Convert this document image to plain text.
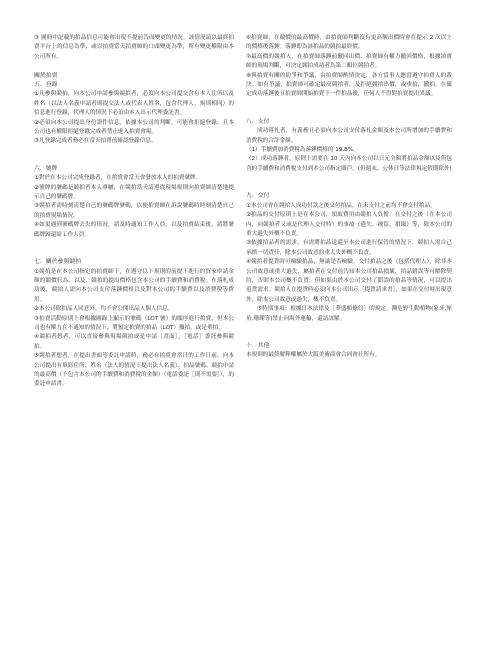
③ 圖冊中記載的拍品信息可能會出現不提前告而變更的情況。該情況請以最終拍賣平台上的信息為準，或以拍賣當天拍賣師的口頭變更為準，所有變更權限由本公司所有。

關於拍賣

五．登錄

①凡參與競拍，向本公司申請參與競拍者，必須向本公司提交含有本人住所以及姓名（以法人名義申請者則提交法人或代表人姓名，包含代理人，規則相同）的信息進行登錄，代理人的情況下必須由本人出示代理委託書。

②必須向本公司提出身份證件信息，依據本公司的判斷，可能會拒絕登錄，且本公司也有權限拒絕登錄完成者禁止進入拍賣會場。

③凡登錄完成者務必在當天拍賣前確認登錄信息。

六．號牌

①對於在本公司完成登錄者，在拍賣會當天會發放本人的拍賣號牌。

②號牌的號碼是競拍者本人專屬，在競拍當天請遵從現場規則向拍賣師清楚地提示自己的號碼牌。

③競拍者需時刻清楚自己的號碼牌號碼，以便拍賣師在訴說號碼時時刻清楚自己的拍賣現場情況。

④如果遇到號碼牌丟失的情況，請及時通知工作人員，以及拍賣結束後，請將號碼牌歸還給工作人員。

七．關於參與競拍

①競拍是在本公司指定的拍賣師下，在遵守以下規則的前提下進行的買家申請金額的競價行為。以及，競拍的提出價格包含本公司的手續費和消費稅。在落札成功後，競拍人需向本公司支付落錘價格以及對本公司的手續費以及消費稅等費用。

②本公司除拍品人同意外，均不會公開出品人個人信息。

③拍賣活動原則上會根據圖錄上顯示的號碼（LOT 號）的順序進行拍賣，但本公司也有權力在不通知的情況下，將預定拍賣的拍品（LOT）撤拍，或是重拍。

④競拍者想者，可以直接參與現場競拍或是申請［書面］，［電話］委託參與競拍。

⑤競拍者想者，在提出書面等委託申請時，務必在拍賣會當日的工作日前，向本公司提出有填寫住所、姓名（法人的情況下提出法人名義）、拍品號碼、競拍申請的最高價（不包含本公司的手續費和消費稅的金額）（電話委託［則不需要］），的委託申請書。

⑥拍賣師，在競價的最高價時，由拍賣師判斷沒有更高額出價時會在提示 2 次以上的價格後落錘。落錘即為該拍品的競拍最終價。

⑦最高價的競拍人，在拍賣師落錘前撤回出價，拍賣師有權力撤回價格，根據拍賣師的現場判斷，可決定競拍成功者為第二順位競拍者。

⑧與拍賣有關的紛爭和爭議，由拍賣師酌情決定，各方當事人應當遵守拍賣人的裁決。如有爭議，拍賣師可確定最高競拍者，及拒絕競拍出價，或重拍，撤拍。在確定成功落錘後且拍賣師開始拍賣下一件拍品後，任何人不得對拍賣提出異議。

八．支付

成功落札者，有義務且必須向本公司支付落札金額及本公司所增加的手續費和消費稅的合計金額。

（1）手續費加消費稅為落錘價格的 19.8%。

（2）成功落錘者，原則上需要在 10 天內向本公司以日元全額將拍品金額以及所包含的手續費和消費稅支付到本公司指定賬戶。(但週末，公休日等法律規定假期除外)

九．交付

①本公司會在競拍人成功付款之後交付拍品。在未支付之前均不會交付拍品。

②拍品的交付原則上是在本公司，領取費用由競拍人負擔。在交付之後（在本公司內，向競拍者又或是代理人交付時）的事故（遺失，被盜，損壞）等，除本公司的重大過失外概不負責。

③依據拍品者的需求，有需將拍品送還至本公司進行保管的情況下，競拍人需自己承擔一切責任，除本公司故意的重大失外概不負責。

④競拍者提貨時可檢驗拍品，無論是否檢驗，交付拍品之後（包括代理人），除非本公司故意或重大過失，屬拍者在交付前告知本公司拍品損壞，拍品錯誤等可解除契約，否則本公司概不負責，但如果由於本公司交付了錯誤的拍品等情況，可以提出退貨需求。競拍人在提貨時必須向本公司出示［提貨請求書］，如果在交付時出現意外，除本公司故意或過失，概不負責。

⑤特別事項：根據日本法律及［華盛頓條約］的規定，瀕危野生動植物(象牙,犀角,珊瑚等)禁止向海外運輸，還請諒解。

十．其他

本規則的最終解釋權屬於大阪美術商會合同會社所有。
